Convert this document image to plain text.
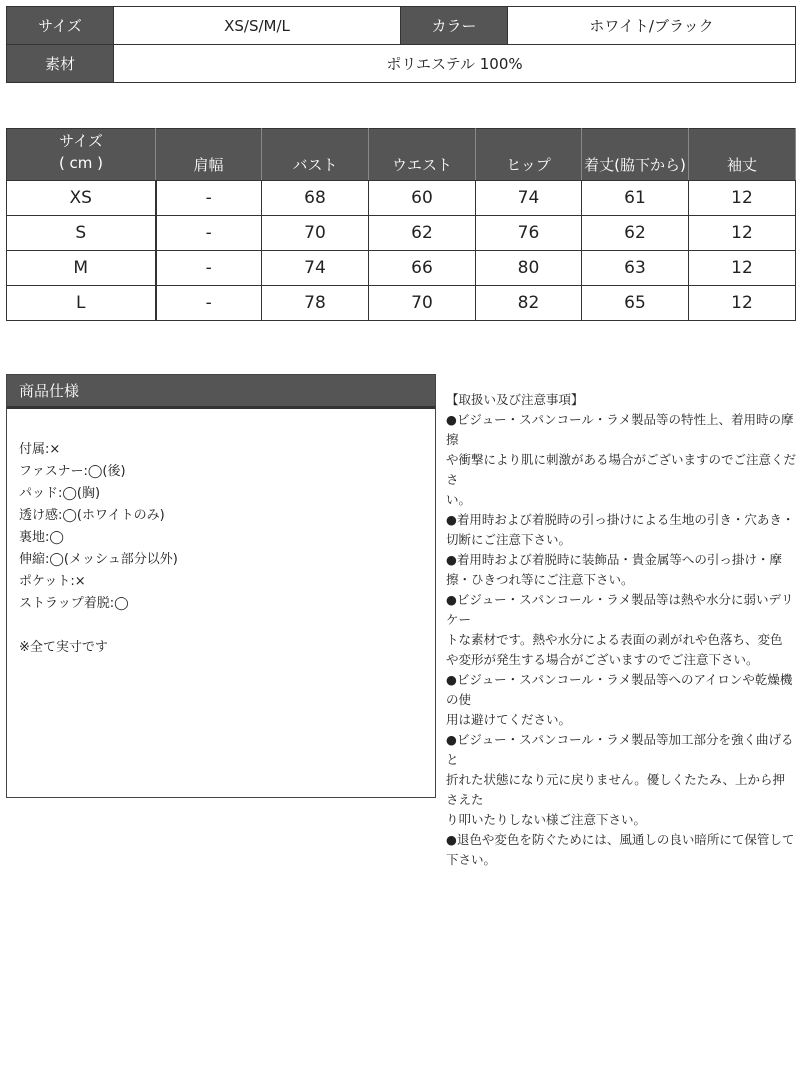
サイズ	XS/S/M/L	カラー	ホワイト/ブラック
素材	ポリエステル 100%		
サイズ
( cm )	肩幅	バスト	ウエスト	ヒップ	着丈(脇下から)	袖丈
XS	-	68	60	74	61	12
S	-	70	62	76	62	12
M	-	74	66	80	63	12
L	-	78	70	82	65	12
商品仕様
付属:×
ファスナー:◯(後)
パッド:◯(胸)
透け感:◯(ホワイトのみ)
裏地:◯
伸縮:◯(メッシュ部分以外)
ポケット:×
ストラップ着脱:◯
※全て実寸です
【取扱い及び注意事項】
●ビジュー・スパンコール・ラメ製品等の特性上、着用時の摩擦
や衝撃により肌に刺激がある場合がございますのでご注意くださ
い。
●着用時および着脱時の引っ掛けによる生地の引き・穴あき・
切断にご注意下さい。
●着用時および着脱時に装飾品・貴金属等への引っ掛け・摩
擦・ひきつれ等にご注意下さい。
●ビジュー・スパンコール・ラメ製品等は熱や水分に弱いデリケー
トな素材です。熱や水分による表面の剥がれや色落ち、変色
や変形が発生する場合がございますのでご注意下さい。
●ビジュー・スパンコール・ラメ製品等へのアイロンや乾燥機の使
用は避けてください。
●ビジュー・スパンコール・ラメ製品等加工部分を強く曲げると
折れた状態になり元に戻りません。優しくたたみ、上から押さえた
り叩いたりしない様ご注意下さい。
●退色や変色を防ぐためには、風通しの良い暗所にて保管して
下さい。
